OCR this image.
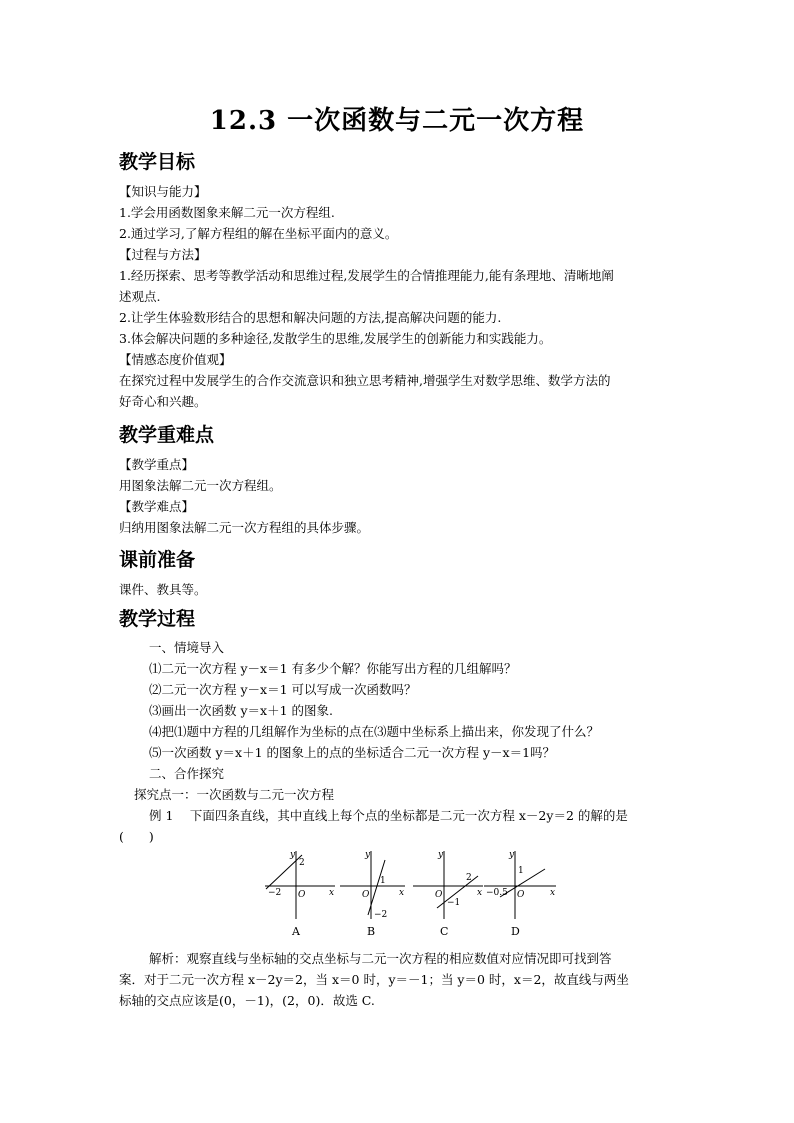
12.3 一次函数与二元一次方程
教学目标
【知识与能力】
1.学会用函数图象来解二元一次方程组.
2.通过学习,了解方程组的解在坐标平面内的意义。
【过程与方法】
1.经历探索、思考等教学活动和思维过程,发展学生的合情推理能力,能有条理地、清晰地阐
述观点.
2.让学生体验数形结合的思想和解决问题的方法,提高解决问题的能力.
3.体会解决问题的多种途径,发散学生的思维,发展学生的创新能力和实践能力。
【情感态度价值观】
在探究过程中发展学生的合作交流意识和独立思考精神,增强学生对数学思维、数学方法的
好奇心和兴趣。
教学重难点
【教学重点】
用图象法解二元一次方程组。
【教学难点】
归纳用图象法解二元一次方程组的具体步骤。
课前准备
课件、教具等。
教学过程
一、情境导入
⑴二元一次方程 y－x＝1 有多少个解？你能写出方程的几组解吗？
⑵二元一次方程 y－x＝1 可以写成一次函数吗？
⑶画出一次函数 y＝x＋1 的图象.
⑷把⑴题中方程的几组解作为坐标的点在⑶题中坐标系上描出来，你发现了什么？
⑸一次函数 y＝x＋1 的图象上的点的坐标适合二元一次方程 y－x＝1吗？
二、合作探究
探究点一：一次函数与二元一次方程
例 1　 下面四条直线，其中直线上每个点的坐标都是二元一次方程 x－2y＝2 的解的是
(　　)
y
2
−2 O	x
A
y
1
−2
O	x
B
y
2
−1
O	x
C
y
1
−0.5 O	x
D
解析：观察直线与坐标轴的交点坐标与二元一次方程的相应数值对应情况即可找到答
案．对于二元一次方程 x－2y＝2，当 x＝0 时，y＝－1；当 y＝0 时，x＝2，故直线与两坐
标轴的交点应该是(0，－1)，(2，0)．故选 C.
